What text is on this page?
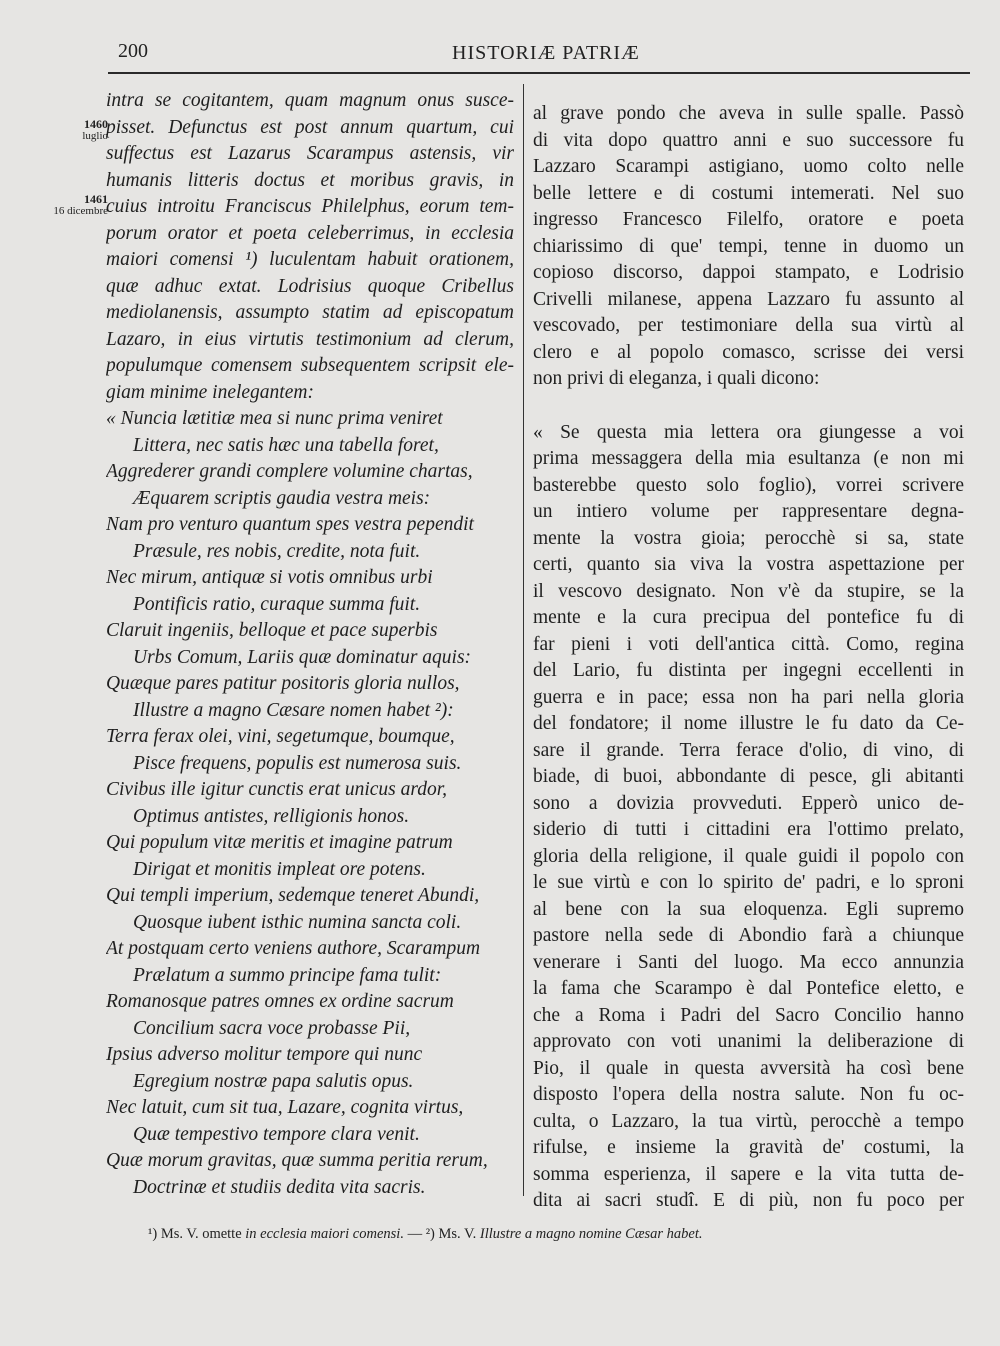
200	HISTORIÆ PATRIÆ
1460
luglio
1461
16 dicembre
intra se cogitantem, quam magnum onus susce-
pisset. Defunctus est post annum quartum, cui
suffectus est Lazarus Scarampus astensis, vir
humanis litteris doctus et moribus gravis, in
cuius introitu Franciscus Philelphus, eorum tem-
porum orator et poeta celeberrimus, in ecclesia
maiori comensi ¹) luculentam habuit orationem,
quæ adhuc extat. Lodrisius quoque Cribellus
mediolanensis, assumpto statim ad episcopatum
Lazaro, in eius virtutis testimonium ad clerum,
populumque comensem subsequentem scripsit ele-
giam minime inelegantem:
« Nuncia lætitiæ mea si nunc prima veniret
Littera, nec satis hæc una tabella foret,
Aggrederer grandi complere volumine chartas,
Æquarem scriptis gaudia vestra meis:
Nam pro venturo quantum spes vestra pependit
Præsule, res nobis, credite, nota fuit.
Nec mirum, antiquæ si votis omnibus urbi
Pontificis ratio, curaque summa fuit.
Claruit ingeniis, belloque et pace superbis
Urbs Comum, Lariis quæ dominatur aquis:
Quæque pares patitur positoris gloria nullos,
Illustre a magno Cæsare nomen habet ²):
Terra ferax olei, vini, segetumque, boumque,
Pisce frequens, populis est numerosa suis.
Civibus ille igitur cunctis erat unicus ardor,
Optimus antistes, relligionis honos.
Qui populum vitæ meritis et imagine patrum
Dirigat et monitis impleat ore potens.
Qui templi imperium, sedemque teneret Abundi,
Quosque iubent isthic numina sancta coli.
At postquam certo veniens authore, Scarampum
Prælatum a summo principe fama tulit:
Romanosque patres omnes ex ordine sacrum
Concilium sacra voce probasse Pii,
Ipsius adverso molitur tempore qui nunc
Egregium nostræ papa salutis opus.
Nec latuit, cum sit tua, Lazare, cognita virtus,
Quæ tempestivo tempore clara venit.
Quæ morum gravitas, quæ summa peritia rerum,
Doctrinæ et studiis dedita vita sacris.
al grave pondo che aveva in sulle spalle. Passò
di vita dopo quattro anni e suo successore fu
Lazzaro Scarampi astigiano, uomo colto nelle
belle lettere e di costumi intemerati. Nel suo
ingresso Francesco Filelfo, oratore e poeta
chiarissimo di que' tempi, tenne in duomo un
copioso discorso, dappoi stampato, e Lodrisio
Crivelli milanese, appena Lazzaro fu assunto al
vescovado, per testimoniare della sua virtù al
clero e al popolo comasco, scrisse dei versi
non privi di eleganza, i quali dicono:
« Se questa mia lettera ora giungesse a voi
prima messaggera della mia esultanza (e non mi
basterebbe questo solo foglio), vorrei scrivere
un intiero volume per rappresentare degna-
mente la vostra gioia; perocchè si sa, state
certi, quanto sia viva la vostra aspettazione per
il vescovo designato. Non v'è da stupire, se la
mente e la cura precipua del pontefice fu di
far pieni i voti dell'antica città. Como, regina
del Lario, fu distinta per ingegni eccellenti in
guerra e in pace; essa non ha pari nella gloria
del fondatore; il nome illustre le fu dato da Ce-
sare il grande. Terra ferace d'olio, di vino, di
biade, di buoi, abbondante di pesce, gli abitanti
sono a dovizia provveduti. Epperò unico de-
siderio di tutti i cittadini era l'ottimo prelato,
gloria della religione, il quale guidi il popolo con
le sue virtù e con lo spirito de' padri, e lo sproni
al bene con la sua eloquenza. Egli supremo
pastore nella sede di Abondio farà a chiunque
venerare i Santi del luogo. Ma ecco annunzia
la fama che Scarampo è dal Pontefice eletto, e
che a Roma i Padri del Sacro Concilio hanno
approvato con voti unanimi la deliberazione di
Pio, il quale in questa avversità ha così bene
disposto l'opera della nostra salute. Non fu oc-
culta, o Lazzaro, la tua virtù, perocchè a tempo
rifulse, e insieme la gravità de' costumi, la
somma esperienza, il sapere e la vita tutta de-
dita ai sacri studî. E di più, non fu poco per
¹) Ms. V. omette in ecclesia maiori comensi. — ²) Ms. V. Illustre a magno nomine Cæsar habet.
